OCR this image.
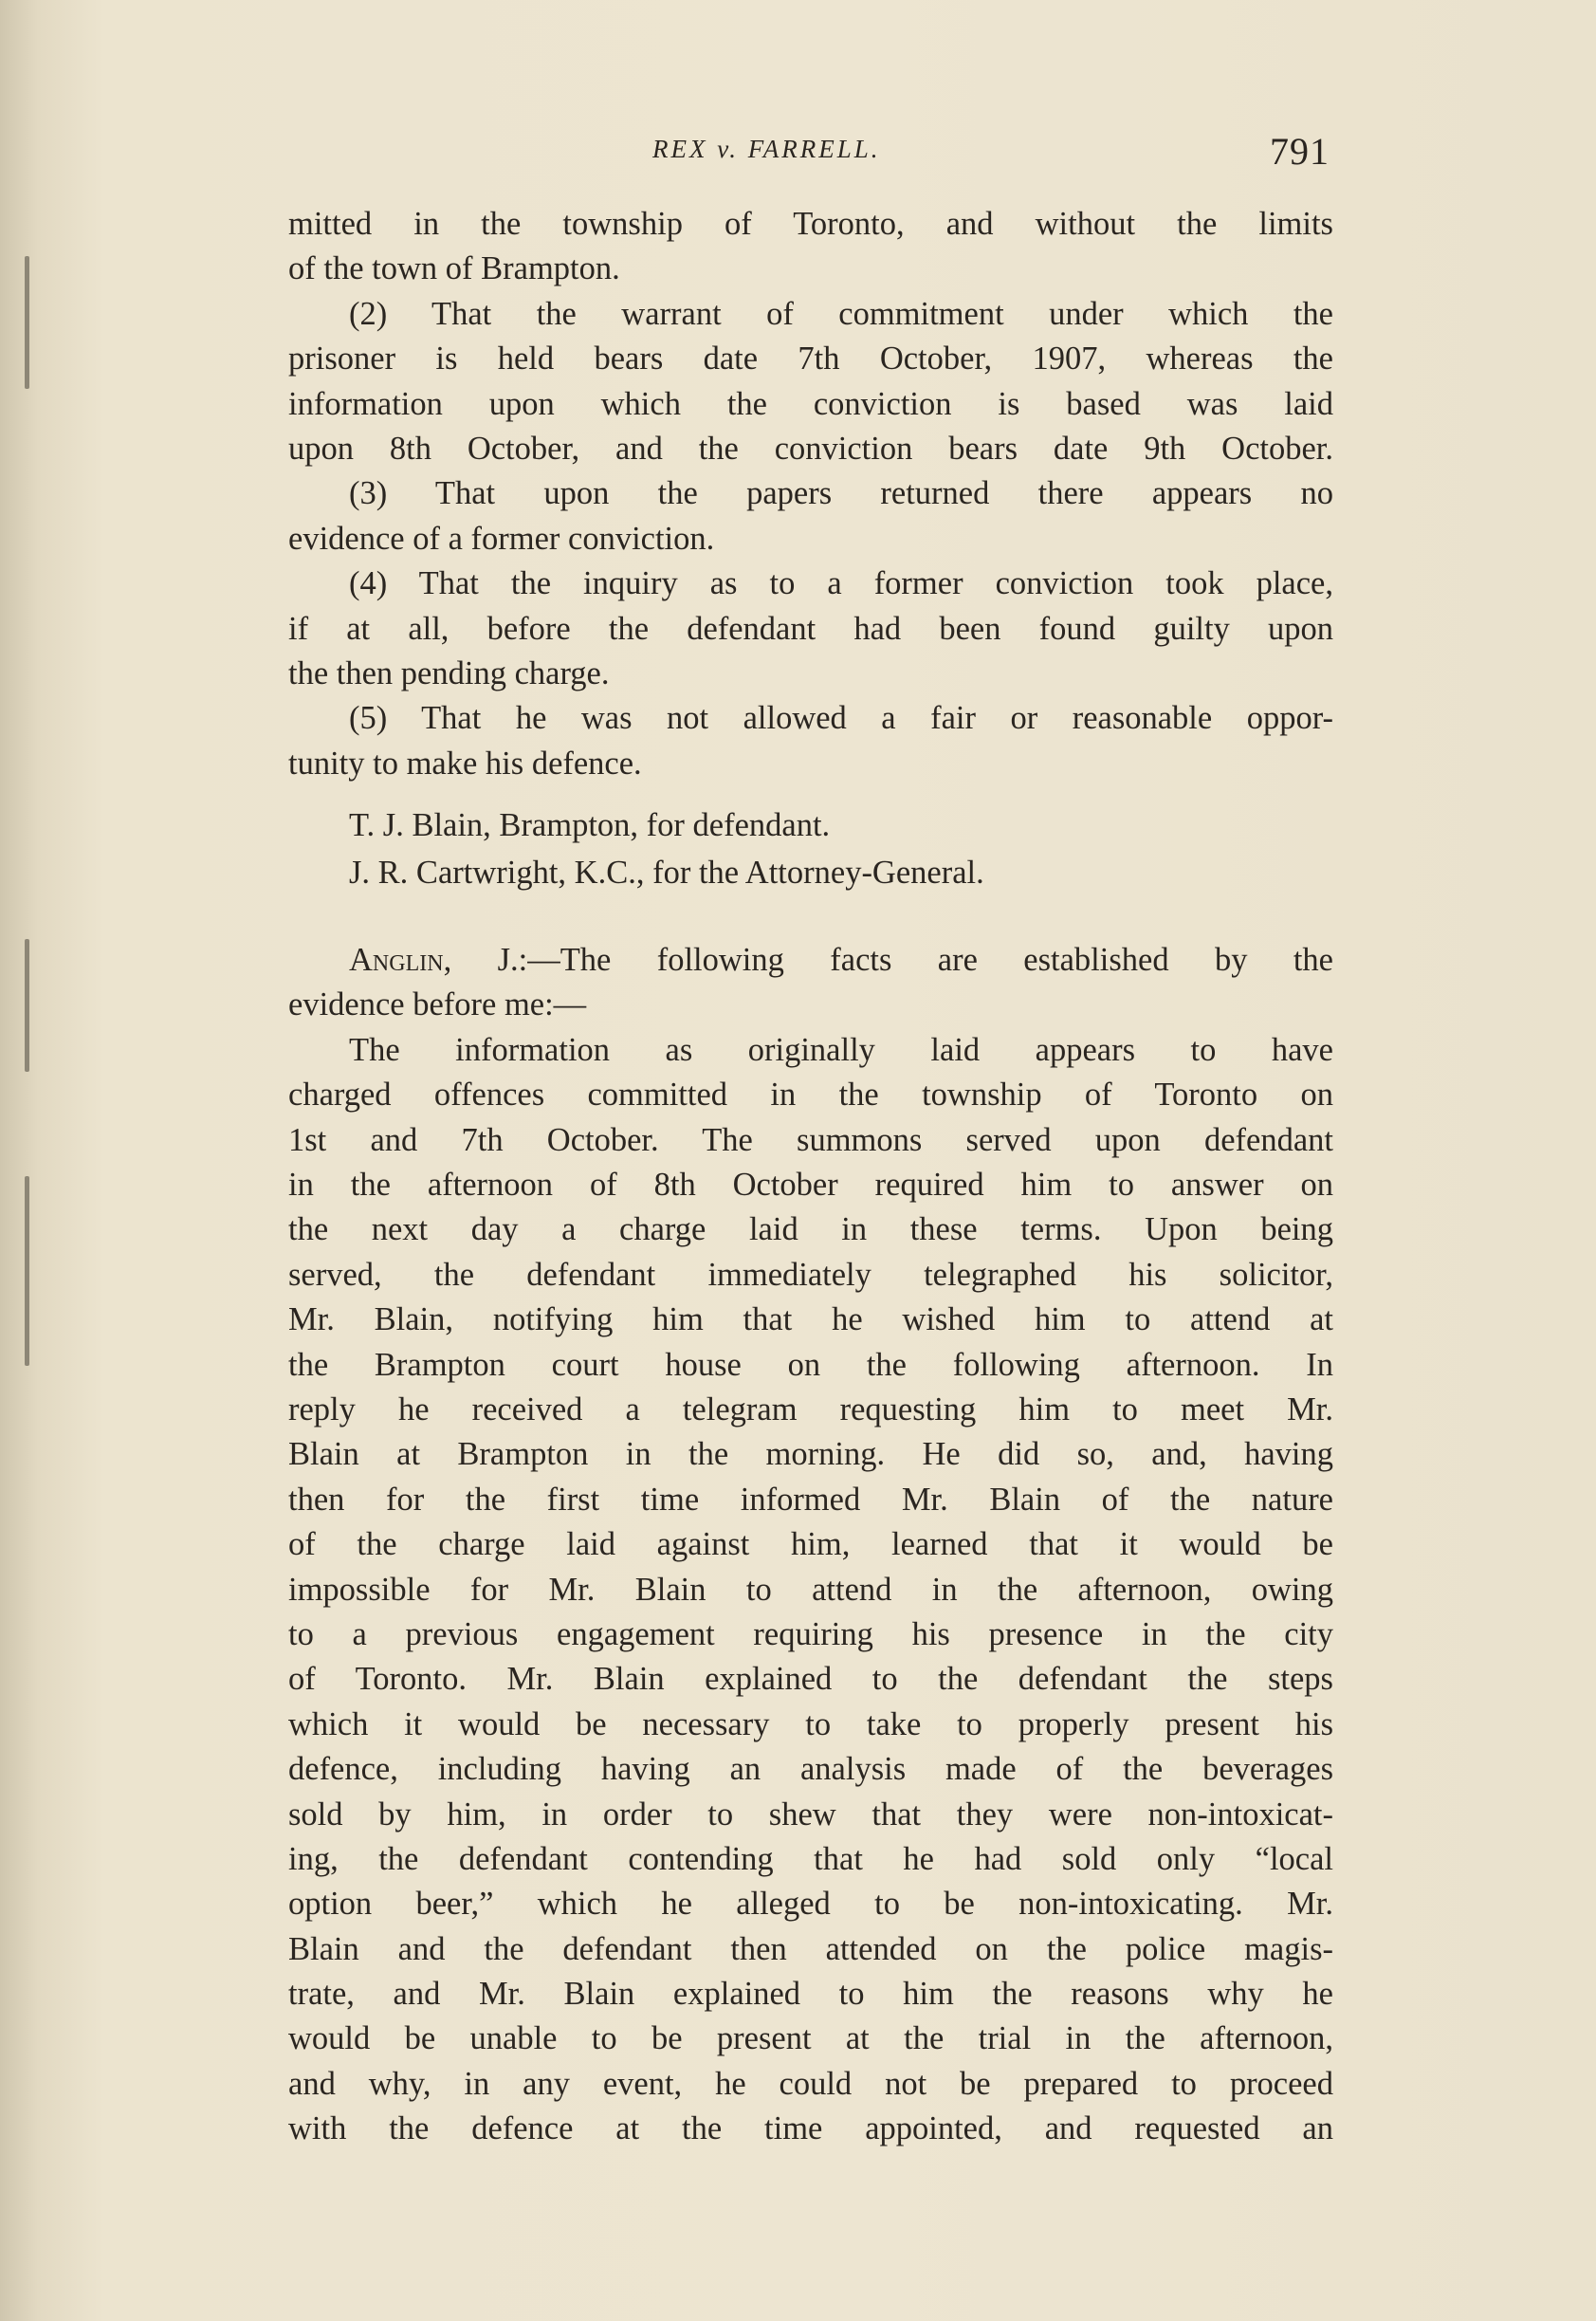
REX v. FARRELL.	791
mitted in the township of Toronto, and without the limits
of the town of Brampton.
(2) That the warrant of commitment under which the
prisoner is held bears date 7th October, 1907, whereas the
information upon which the conviction is based was laid
upon 8th October, and the conviction bears date 9th October.
(3) That upon the papers returned there appears no
evidence of a former conviction.
(4) That the inquiry as to a former conviction took place,
if at all, before the defendant had been found guilty upon
the then pending charge.
(5) That he was not allowed a fair or reasonable oppor-
tunity to make his defence.
T. J. Blain, Brampton, for defendant.
J. R. Cartwright, K.C., for the Attorney-General.
Anglin, J.:—The following facts are established by the
evidence before me:—
The information as originally laid appears to have
charged offences committed in the township of Toronto on
1st and 7th October. The summons served upon defendant
in the afternoon of 8th October required him to answer on
the next day a charge laid in these terms. Upon being
served, the defendant immediately telegraphed his solicitor,
Mr. Blain, notifying him that he wished him to attend at
the Brampton court house on the following afternoon. In
reply he received a telegram requesting him to meet Mr.
Blain at Brampton in the morning. He did so, and, having
then for the first time informed Mr. Blain of the nature
of the charge laid against him, learned that it would be
impossible for Mr. Blain to attend in the afternoon, owing
to a previous engagement requiring his presence in the city
of Toronto. Mr. Blain explained to the defendant the steps
which it would be necessary to take to properly present his
defence, including having an analysis made of the beverages
sold by him, in order to shew that they were non-intoxicat-
ing, the defendant contending that he had sold only “local
option beer,” which he alleged to be non-intoxicating. Mr.
Blain and the defendant then attended on the police magis-
trate, and Mr. Blain explained to him the reasons why he
would be unable to be present at the trial in the afternoon,
and why, in any event, he could not be prepared to proceed
with the defence at the time appointed, and requested an
